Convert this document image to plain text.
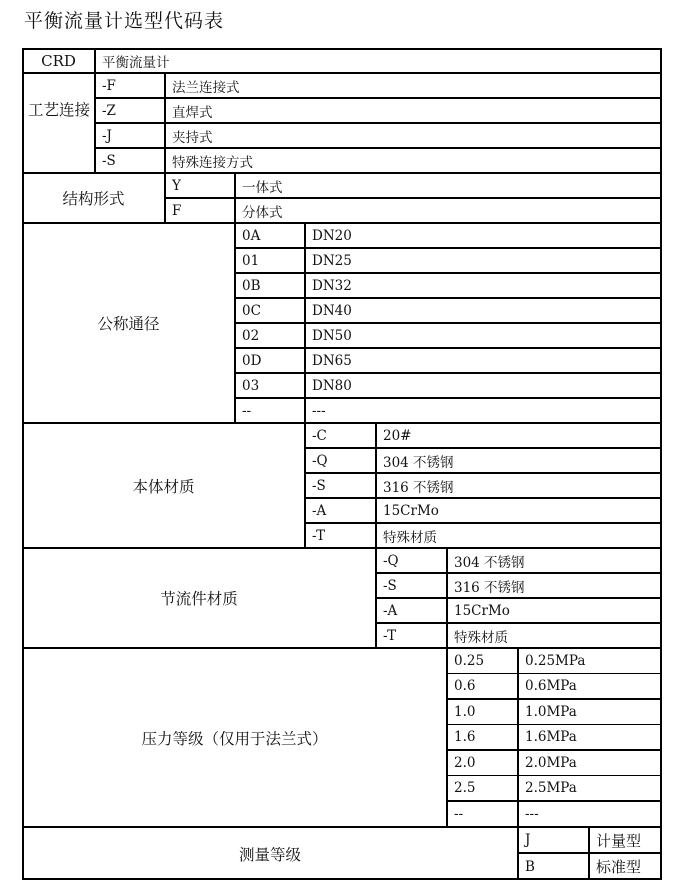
平衡流量计选型代码表
CRD	平衡流量计
工艺连接
-F	法兰连接式
-Z	直焊式
-J	夹持式
-S	特殊连接方式
结构形式
Y	一体式
F	分体式
公称通径
0A	DN20
01	DN25
0B	DN32
0C	DN40
02	DN50
0D	DN65
03	DN80
--	---
本体材质
-C	20#
-Q	304 不锈钢
-S	316 不锈钢
-A	15CrMo
-T	特殊材质
节流件材质
-Q	304 不锈钢
-S	316 不锈钢
-A	15CrMo
-T	特殊材质
压力等级（仅用于法兰式）
0.25	0.25MPa
0.6	0.6MPa
1.0	1.0MPa
1.6	1.6MPa
2.0	2.0MPa
2.5	2.5MPa
--	---
测量等级
J	计量型
B	标准型
